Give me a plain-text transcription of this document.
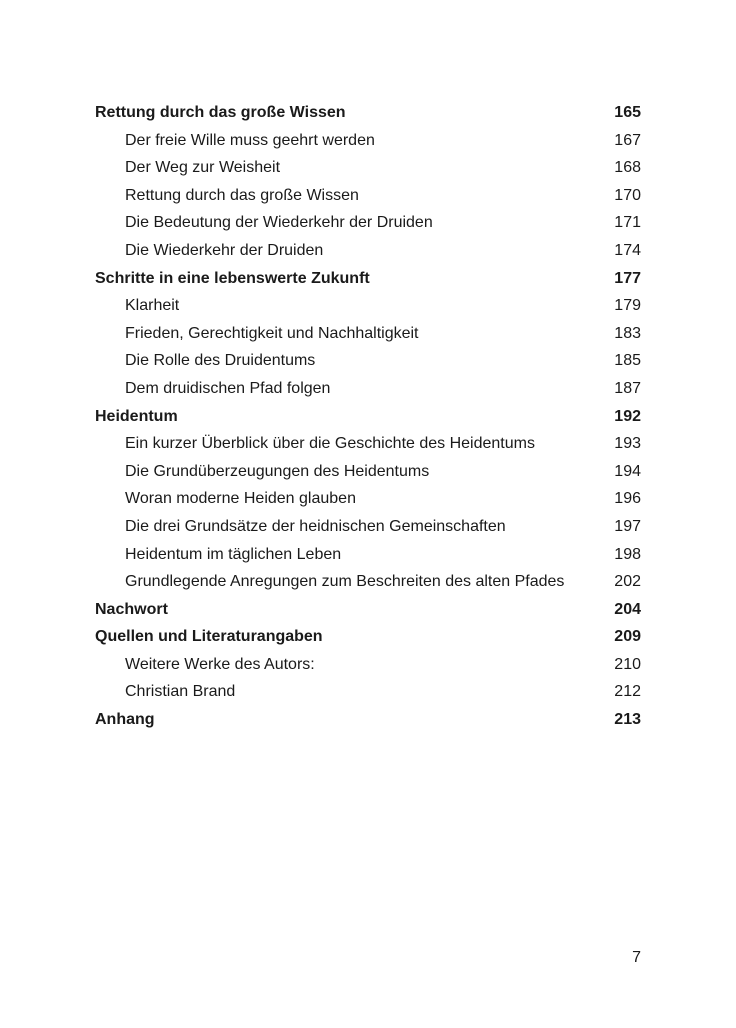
Rettung durch das große Wissen	165
Der freie Wille muss geehrt werden	167
Der Weg zur Weisheit	168
Rettung durch das große Wissen	170
Die Bedeutung der Wiederkehr der Druiden	171
Die Wiederkehr der Druiden	174
Schritte in eine lebenswerte Zukunft	177
Klarheit	179
Frieden, Gerechtigkeit und Nachhaltigkeit	183
Die Rolle des Druidentums	185
Dem druidischen Pfad folgen	187
Heidentum	192
Ein kurzer Überblick über die Geschichte des Heidentums	193
Die Grundüberzeugungen des Heidentums	194
Woran moderne Heiden glauben	196
Die drei Grundsätze der heidnischen Gemeinschaften	197
Heidentum im täglichen Leben	198
Grundlegende Anregungen zum Beschreiten des alten Pfades	202
Nachwort	204
Quellen und Literaturangaben	209
Weitere Werke des Autors:	210
Christian Brand	212
Anhang	213
7
